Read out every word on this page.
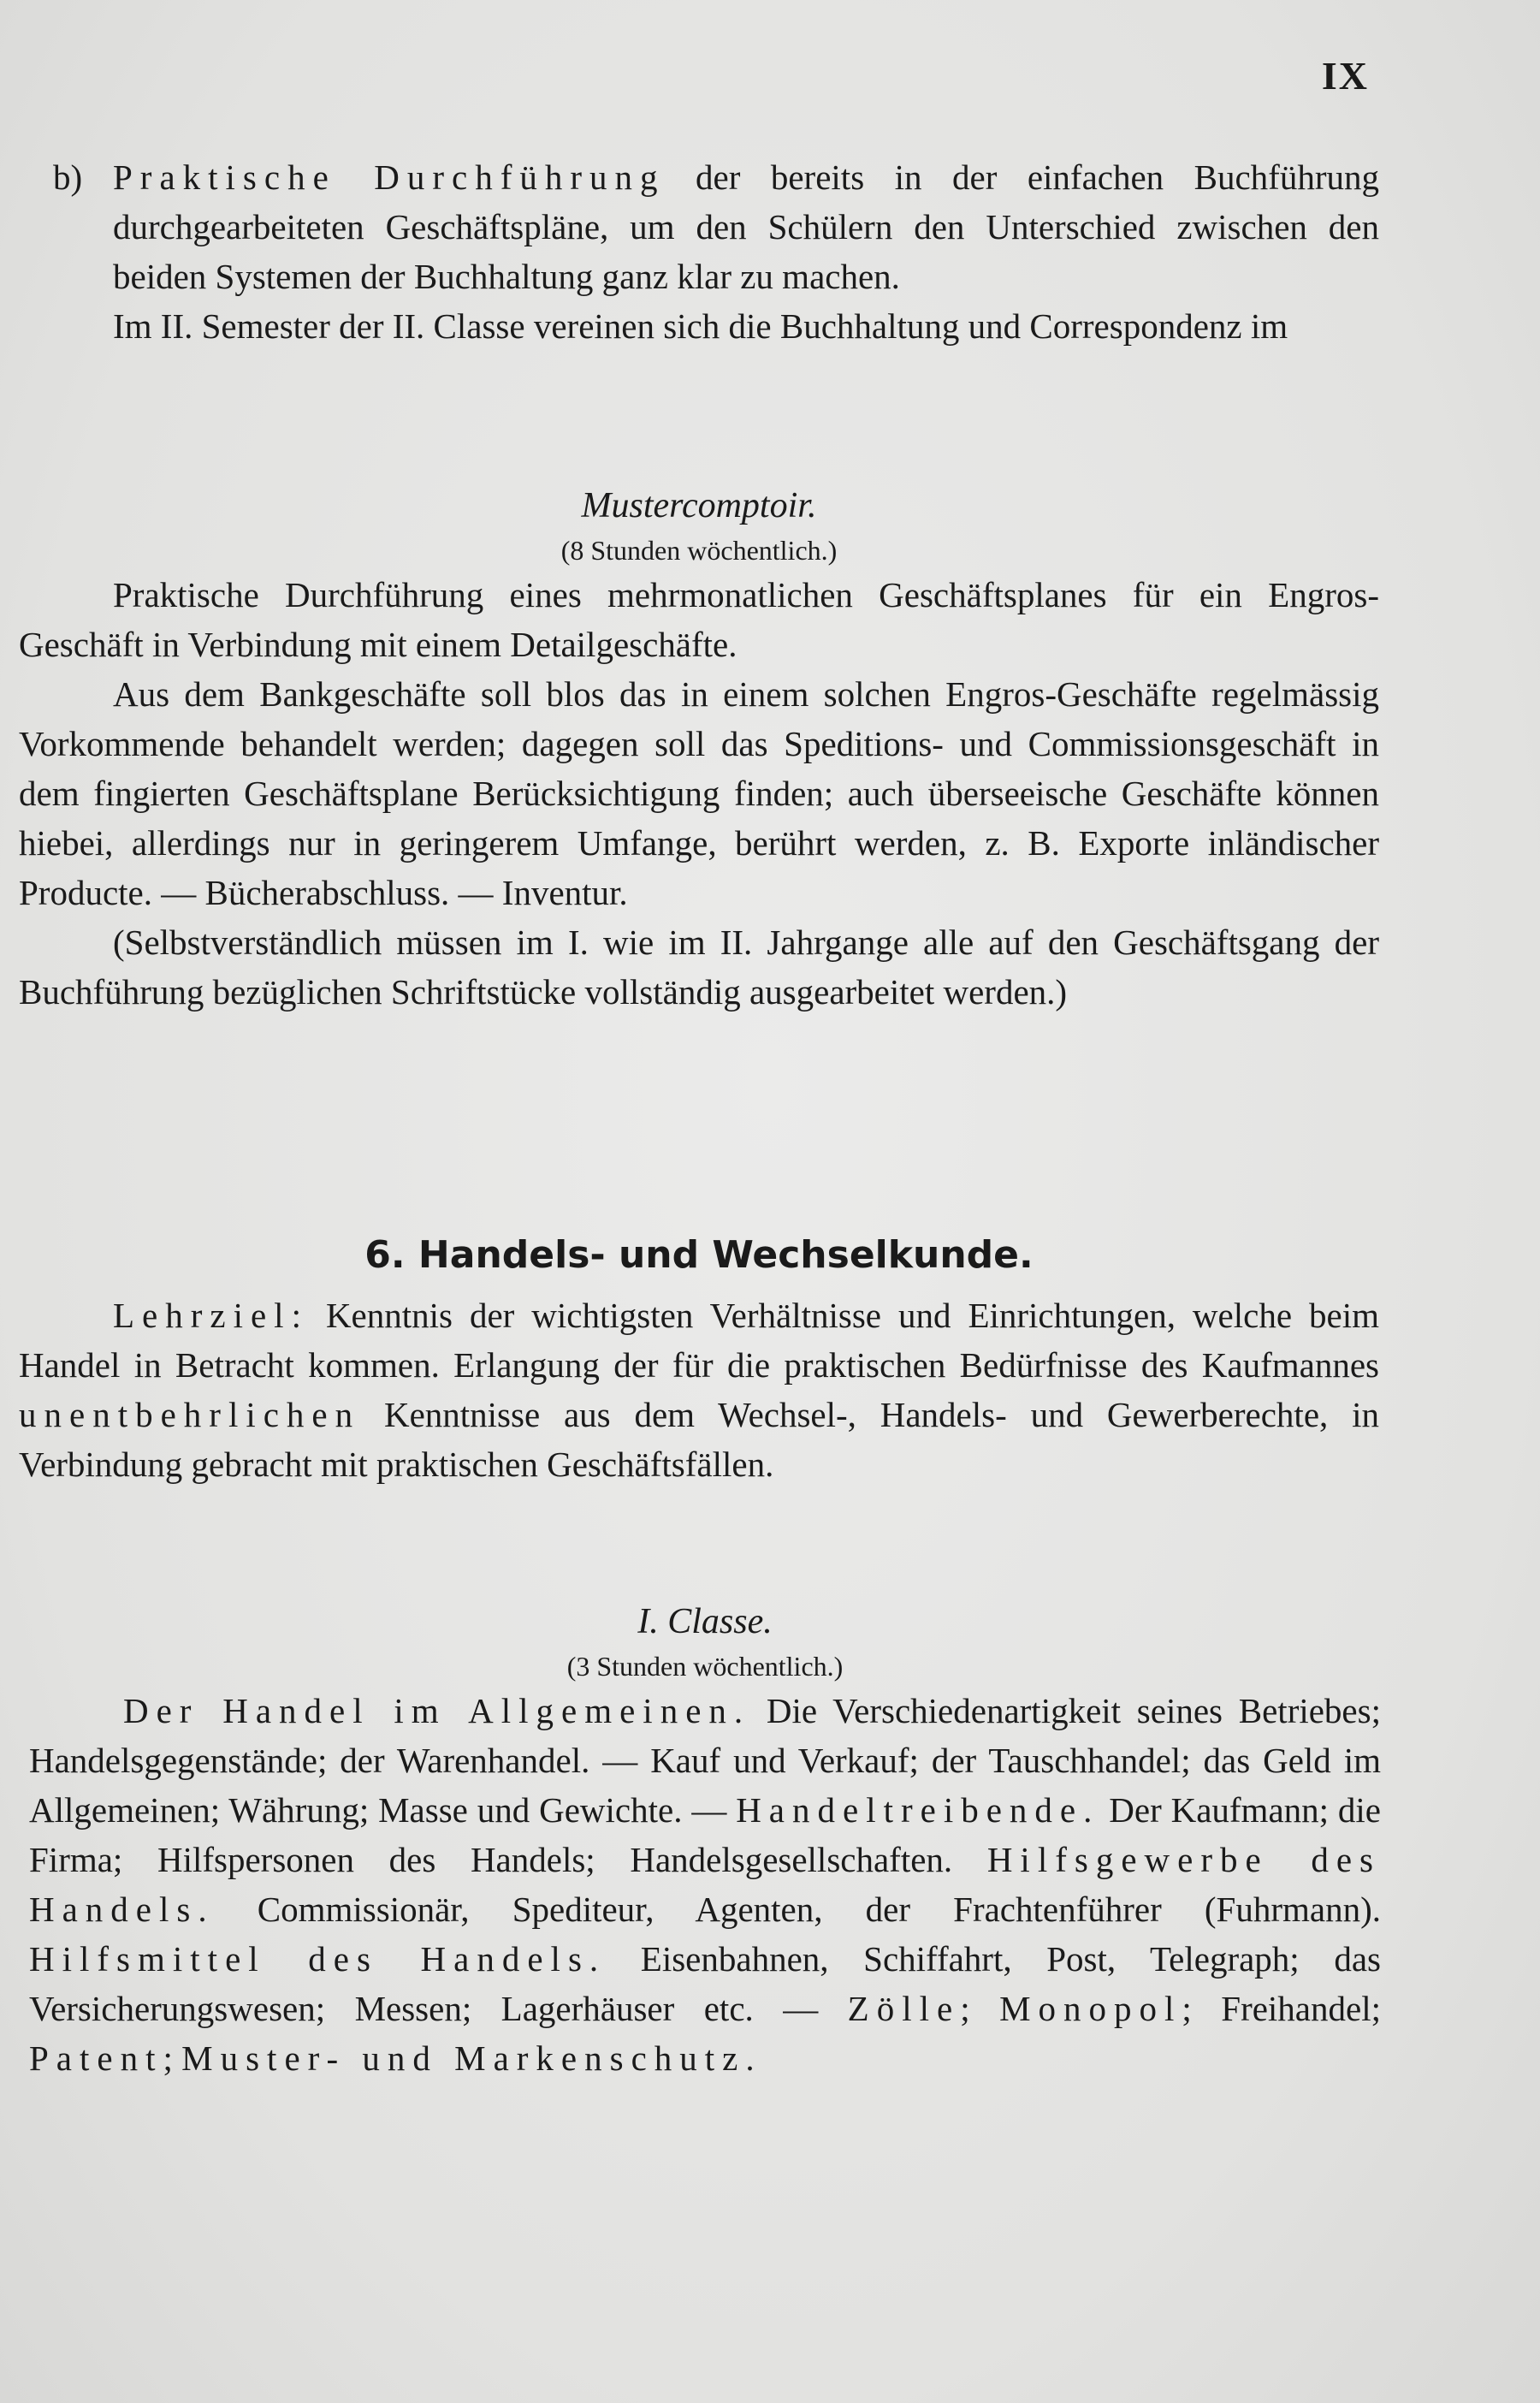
IX

b) Praktische Durchführung der bereits in der einfachen Buchführung durchgearbeiteten Geschäftspläne, um den Schülern den Unterschied zwischen den beiden Systemen der Buchhaltung ganz klar zu machen.

Im II. Semester der II. Classe vereinen sich die Buchhaltung und Correspondenz im

Mustercomptoir.

(8 Stunden wöchentlich.)

Praktische Durchführung eines mehrmonatlichen Geschäftsplanes für ein Engros-Geschäft in Verbindung mit einem Detailgeschäfte.

Aus dem Bankgeschäfte soll blos das in einem solchen Engros-Geschäfte regelmässig Vorkommende behandelt werden; dagegen soll das Speditions- und Commissionsgeschäft in dem fingierten Geschäftsplane Berücksichtigung finden; auch überseeische Geschäfte können hiebei, allerdings nur in geringerem Umfange, berührt werden, z. B. Exporte inländischer Producte. — Bücherabschluss. — Inventur.

(Selbstverständlich müssen im I. wie im II. Jahrgange alle auf den Geschäftsgang der Buchführung bezüglichen Schriftstücke vollständig ausgearbeitet werden.)

6. Handels- und Wechselkunde.

Lehrziel: Kenntnis der wichtigsten Verhältnisse und Einrichtungen, welche beim Handel in Betracht kommen. Erlangung der für die praktischen Bedürfnisse des Kaufmannes unentbehrlichen Kenntnisse aus dem Wechsel-, Handels- und Gewerberechte, in Verbindung gebracht mit praktischen Geschäftsfällen.

I. Classe.

(3 Stunden wöchentlich.)

Der Handel im Allgemeinen. Die Verschiedenartigkeit seines Betriebes; Handelsgegenstände; der Warenhandel. — Kauf und Verkauf; der Tauschhandel; das Geld im Allgemeinen; Währung; Masse und Gewichte. — Handeltreibende. Der Kaufmann; die Firma; Hilfspersonen des Handels; Handelsgesellschaften. Hilfsgewerbe des Handels. Commissionär, Spediteur, Agenten, der Frachtenführer (Fuhrmann). Hilfsmittel des Handels. Eisenbahnen, Schiffahrt, Post, Telegraph; das Versicherungswesen; Messen; Lagerhäuser etc. — Zölle; Monopol; Freihandel; Patent; Muster- und Markenschutz.
